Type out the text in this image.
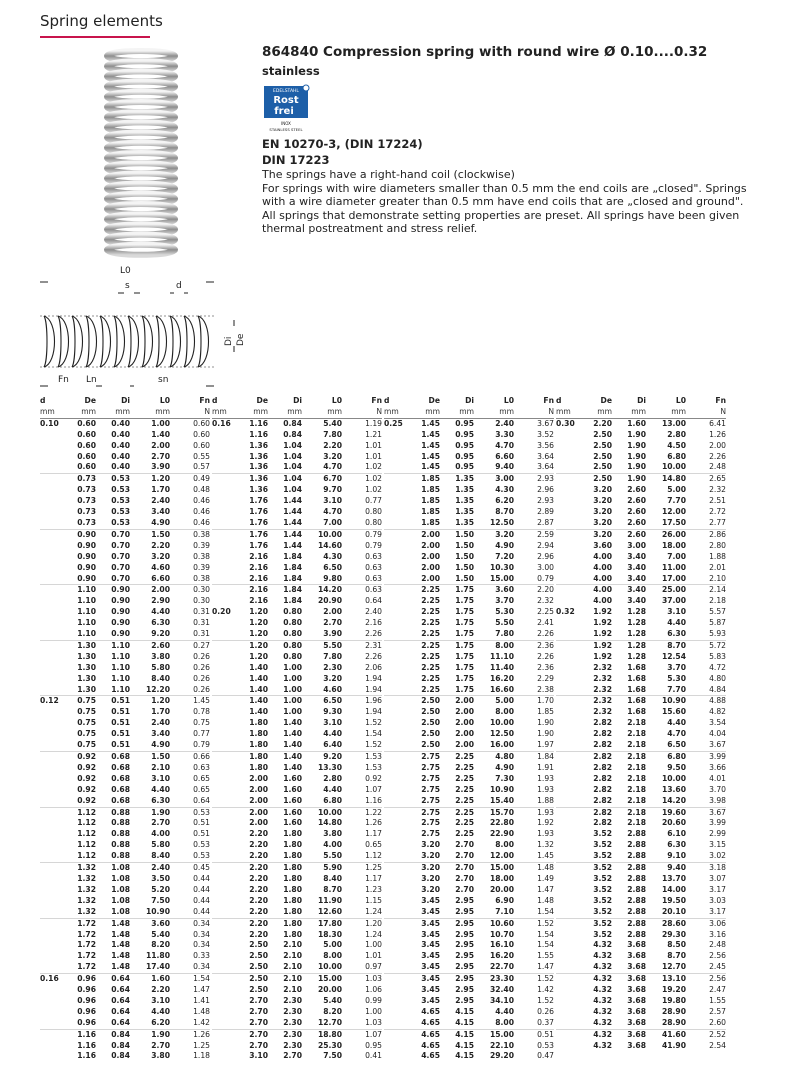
Spring elements
864840 Compression spring with round wire Ø 0.10....0.32
stainless
EDELSTAHL
Rost
frei
INOX
STAINLESS STEEL
EN 10270-3, (DIN 17224)
DIN 17223

The springs have a right-hand coil (clockwise)

For springs with wire diameters smaller than 0.5 mm the end coils are „closed". Springs with a wire diameter greater than 0.5 mm have end coils that are „closed and ground". All springs that demonstrate setting properties are preset. All springs have been given thermal postreatment and stress relief.

L0
s	d
Di De
Fn Ln	sn
d	De	Di	L0	Fn
mm	mm	mm	mm	N
0.10	0.60	0.40	1.00	0.60
	0.60	0.40	1.40	0.60
	0.60	0.40	2.00	0.60
	0.60	0.40	2.70	0.55
	0.60	0.40	3.90	0.57
	0.73	0.53	1.20	0.49
	0.73	0.53	1.70	0.48
	0.73	0.53	2.40	0.46
	0.73	0.53	3.40	0.46
	0.73	0.53	4.90	0.46
	0.90	0.70	1.50	0.38
	0.90	0.70	2.20	0.39
	0.90	0.70	3.20	0.38
	0.90	0.70	4.60	0.39
	0.90	0.70	6.60	0.38
	1.10	0.90	2.00	0.30
	1.10	0.90	2.90	0.30
	1.10	0.90	4.40	0.31
	1.10	0.90	6.30	0.31
	1.10	0.90	9.20	0.31
	1.30	1.10	2.60	0.27
	1.30	1.10	3.80	0.26
	1.30	1.10	5.80	0.26
	1.30	1.10	8.40	0.26
	1.30	1.10	12.20	0.26
0.12	0.75	0.51	1.20	1.45
	0.75	0.51	1.70	0.78
	0.75	0.51	2.40	0.75
	0.75	0.51	3.40	0.77
	0.75	0.51	4.90	0.79
	0.92	0.68	1.50	0.66
	0.92	0.68	2.10	0.63
	0.92	0.68	3.10	0.65
	0.92	0.68	4.40	0.65
	0.92	0.68	6.30	0.64
	1.12	0.88	1.90	0.53
	1.12	0.88	2.70	0.51
	1.12	0.88	4.00	0.51
	1.12	0.88	5.80	0.53
	1.12	0.88	8.40	0.53
	1.32	1.08	2.40	0.45
	1.32	1.08	3.50	0.44
	1.32	1.08	5.20	0.44
	1.32	1.08	7.50	0.44
	1.32	1.08	10.90	0.44
	1.72	1.48	3.60	0.34
	1.72	1.48	5.40	0.34
	1.72	1.48	8.20	0.34
	1.72	1.48	11.80	0.33
	1.72	1.48	17.40	0.34
0.16	0.96	0.64	1.60	1.54
	0.96	0.64	2.20	1.47
	0.96	0.64	3.10	1.41
	0.96	0.64	4.40	1.48
	0.96	0.64	6.20	1.42
	1.16	0.84	1.90	1.26
	1.16	0.84	2.70	1.25
	1.16	0.84	3.80	1.18
d	De	Di	L0	Fn
mm	mm	mm	mm	N
0.16	1.16	0.84	5.40	1.19
	1.16	0.84	7.80	1.21
	1.36	1.04	2.20	1.01
	1.36	1.04	3.20	1.01
	1.36	1.04	4.70	1.02
	1.36	1.04	6.70	1.02
	1.36	1.04	9.70	1.02
	1.76	1.44	3.10	0.77
	1.76	1.44	4.70	0.80
	1.76	1.44	7.00	0.80
	1.76	1.44	10.00	0.79
	1.76	1.44	14.60	0.79
	2.16	1.84	4.30	0.63
	2.16	1.84	6.50	0.63
	2.16	1.84	9.80	0.63
	2.16	1.84	14.20	0.63
	2.16	1.84	20.90	0.64
0.20	1.20	0.80	2.00	2.40
	1.20	0.80	2.70	2.16
	1.20	0.80	3.90	2.26
	1.20	0.80	5.50	2.31
	1.20	0.80	7.80	2.26
	1.40	1.00	2.30	2.06
	1.40	1.00	3.20	1.94
	1.40	1.00	4.60	1.94
	1.40	1.00	6.50	1.96
	1.40	1.00	9.30	1.94
	1.80	1.40	3.10	1.52
	1.80	1.40	4.40	1.54
	1.80	1.40	6.40	1.52
	1.80	1.40	9.20	1.53
	1.80	1.40	13.30	1.53
	2.00	1.60	2.80	0.92
	2.00	1.60	4.40	1.07
	2.00	1.60	6.80	1.16
	2.00	1.60	10.00	1.22
	2.00	1.60	14.80	1.26
	2.20	1.80	3.80	1.17
	2.20	1.80	4.00	0.65
	2.20	1.80	5.50	1.12
	2.20	1.80	5.90	1.25
	2.20	1.80	8.40	1.17
	2.20	1.80	8.70	1.23
	2.20	1.80	11.90	1.15
	2.20	1.80	12.60	1.24
	2.20	1.80	17.80	1.20
	2.20	1.80	18.30	1.24
	2.50	2.10	5.00	1.00
	2.50	2.10	8.00	1.01
	2.50	2.10	10.00	0.97
	2.50	2.10	15.00	1.03
	2.50	2.10	20.00	1.06
	2.70	2.30	5.40	0.99
	2.70	2.30	8.20	1.00
	2.70	2.30	12.70	1.03
	2.70	2.30	18.80	1.07
	2.70	2.30	25.30	0.95
	3.10	2.70	7.50	0.41
d	De	Di	L0	Fn
mm	mm	mm	mm	N
0.25	1.45	0.95	2.40	3.67
	1.45	0.95	3.30	3.52
	1.45	0.95	4.70	3.56
	1.45	0.95	6.60	3.64
	1.45	0.95	9.40	3.64
	1.85	1.35	3.00	2.93
	1.85	1.35	4.30	2.96
	1.85	1.35	6.20	2.93
	1.85	1.35	8.70	2.89
	1.85	1.35	12.50	2.87
	2.00	1.50	3.20	2.59
	2.00	1.50	4.90	2.94
	2.00	1.50	7.20	2.96
	2.00	1.50	10.30	3.00
	2.00	1.50	15.00	0.79
	2.25	1.75	3.60	2.20
	2.25	1.75	3.70	2.32
	2.25	1.75	5.30	2.25
	2.25	1.75	5.50	2.41
	2.25	1.75	7.80	2.26
	2.25	1.75	8.00	2.36
	2.25	1.75	11.10	2.26
	2.25	1.75	11.40	2.36
	2.25	1.75	16.20	2.29
	2.25	1.75	16.60	2.38
	2.50	2.00	5.00	1.70
	2.50	2.00	8.00	1.85
	2.50	2.00	10.00	1.90
	2.50	2.00	12.50	1.90
	2.50	2.00	16.00	1.97
	2.75	2.25	4.80	1.84
	2.75	2.25	4.90	1.91
	2.75	2.25	7.30	1.93
	2.75	2.25	10.90	1.93
	2.75	2.25	15.40	1.88
	2.75	2.25	15.70	1.93
	2.75	2.25	22.80	1.92
	2.75	2.25	22.90	1.93
	3.20	2.70	8.00	1.32
	3.20	2.70	12.00	1.45
	3.20	2.70	15.00	1.48
	3.20	2.70	18.00	1.49
	3.20	2.70	20.00	1.47
	3.45	2.95	6.90	1.48
	3.45	2.95	7.10	1.54
	3.45	2.95	10.60	1.52
	3.45	2.95	10.70	1.54
	3.45	2.95	16.10	1.54
	3.45	2.95	16.20	1.55
	3.45	2.95	22.70	1.47
	3.45	2.95	23.30	1.52
	3.45	2.95	32.40	1.42
	3.45	2.95	34.10	1.52
	4.65	4.15	4.40	0.26
	4.65	4.15	8.00	0.37
	4.65	4.15	15.00	0.51
	4.65	4.15	22.10	0.53
	4.65	4.15	29.20	0.47
d	De	Di	L0	Fn
mm	mm	mm	mm	N
0.30	2.20	1.60	13.00	6.41
	2.50	1.90	2.80	1.26
	2.50	1.90	4.50	2.00
	2.50	1.90	6.80	2.26
	2.50	1.90	10.00	2.48
	2.50	1.90	14.80	2.65
	3.20	2.60	5.00	2.32
	3.20	2.60	7.70	2.51
	3.20	2.60	12.00	2.72
	3.20	2.60	17.50	2.77
	3.20	2.60	26.00	2.86
	3.60	3.00	18.00	2.80
	4.00	3.40	7.00	1.88
	4.00	3.40	11.00	2.01
	4.00	3.40	17.00	2.10
	4.00	3.40	25.00	2.14
	4.00	3.40	37.00	2.18
0.32	1.92	1.28	3.10	5.57
	1.92	1.28	4.40	5.87
	1.92	1.28	6.30	5.93
	1.92	1.28	8.70	5.72
	1.92	1.28	12.54	5.83
	2.32	1.68	3.70	4.72
	2.32	1.68	5.30	4.80
	2.32	1.68	7.70	4.84
	2.32	1.68	10.90	4.88
	2.32	1.68	15.60	4.82
	2.82	2.18	4.40	3.54
	2.82	2.18	4.70	4.04
	2.82	2.18	6.50	3.67
	2.82	2.18	6.80	3.99
	2.82	2.18	9.50	3.66
	2.82	2.18	10.00	4.01
	2.82	2.18	13.60	3.70
	2.82	2.18	14.20	3.98
	2.82	2.18	19.60	3.67
	2.82	2.18	20.60	3.99
	3.52	2.88	6.10	2.99
	3.52	2.88	6.30	3.15
	3.52	2.88	9.10	3.02
	3.52	2.88	9.40	3.18
	3.52	2.88	13.70	3.07
	3.52	2.88	14.00	3.17
	3.52	2.88	19.50	3.03
	3.52	2.88	20.10	3.17
	3.52	2.88	28.60	3.06
	3.52	2.88	29.30	3.16
	4.32	3.68	8.50	2.48
	4.32	3.68	8.70	2.56
	4.32	3.68	12.70	2.45
	4.32	3.68	13.10	2.56
	4.32	3.68	19.20	2.47
	4.32	3.68	19.80	1.55
	4.32	3.68	28.90	2.57
	4.32	3.68	28.90	2.60
	4.32	3.68	41.60	2.52
	4.32	3.68	41.90	2.54
